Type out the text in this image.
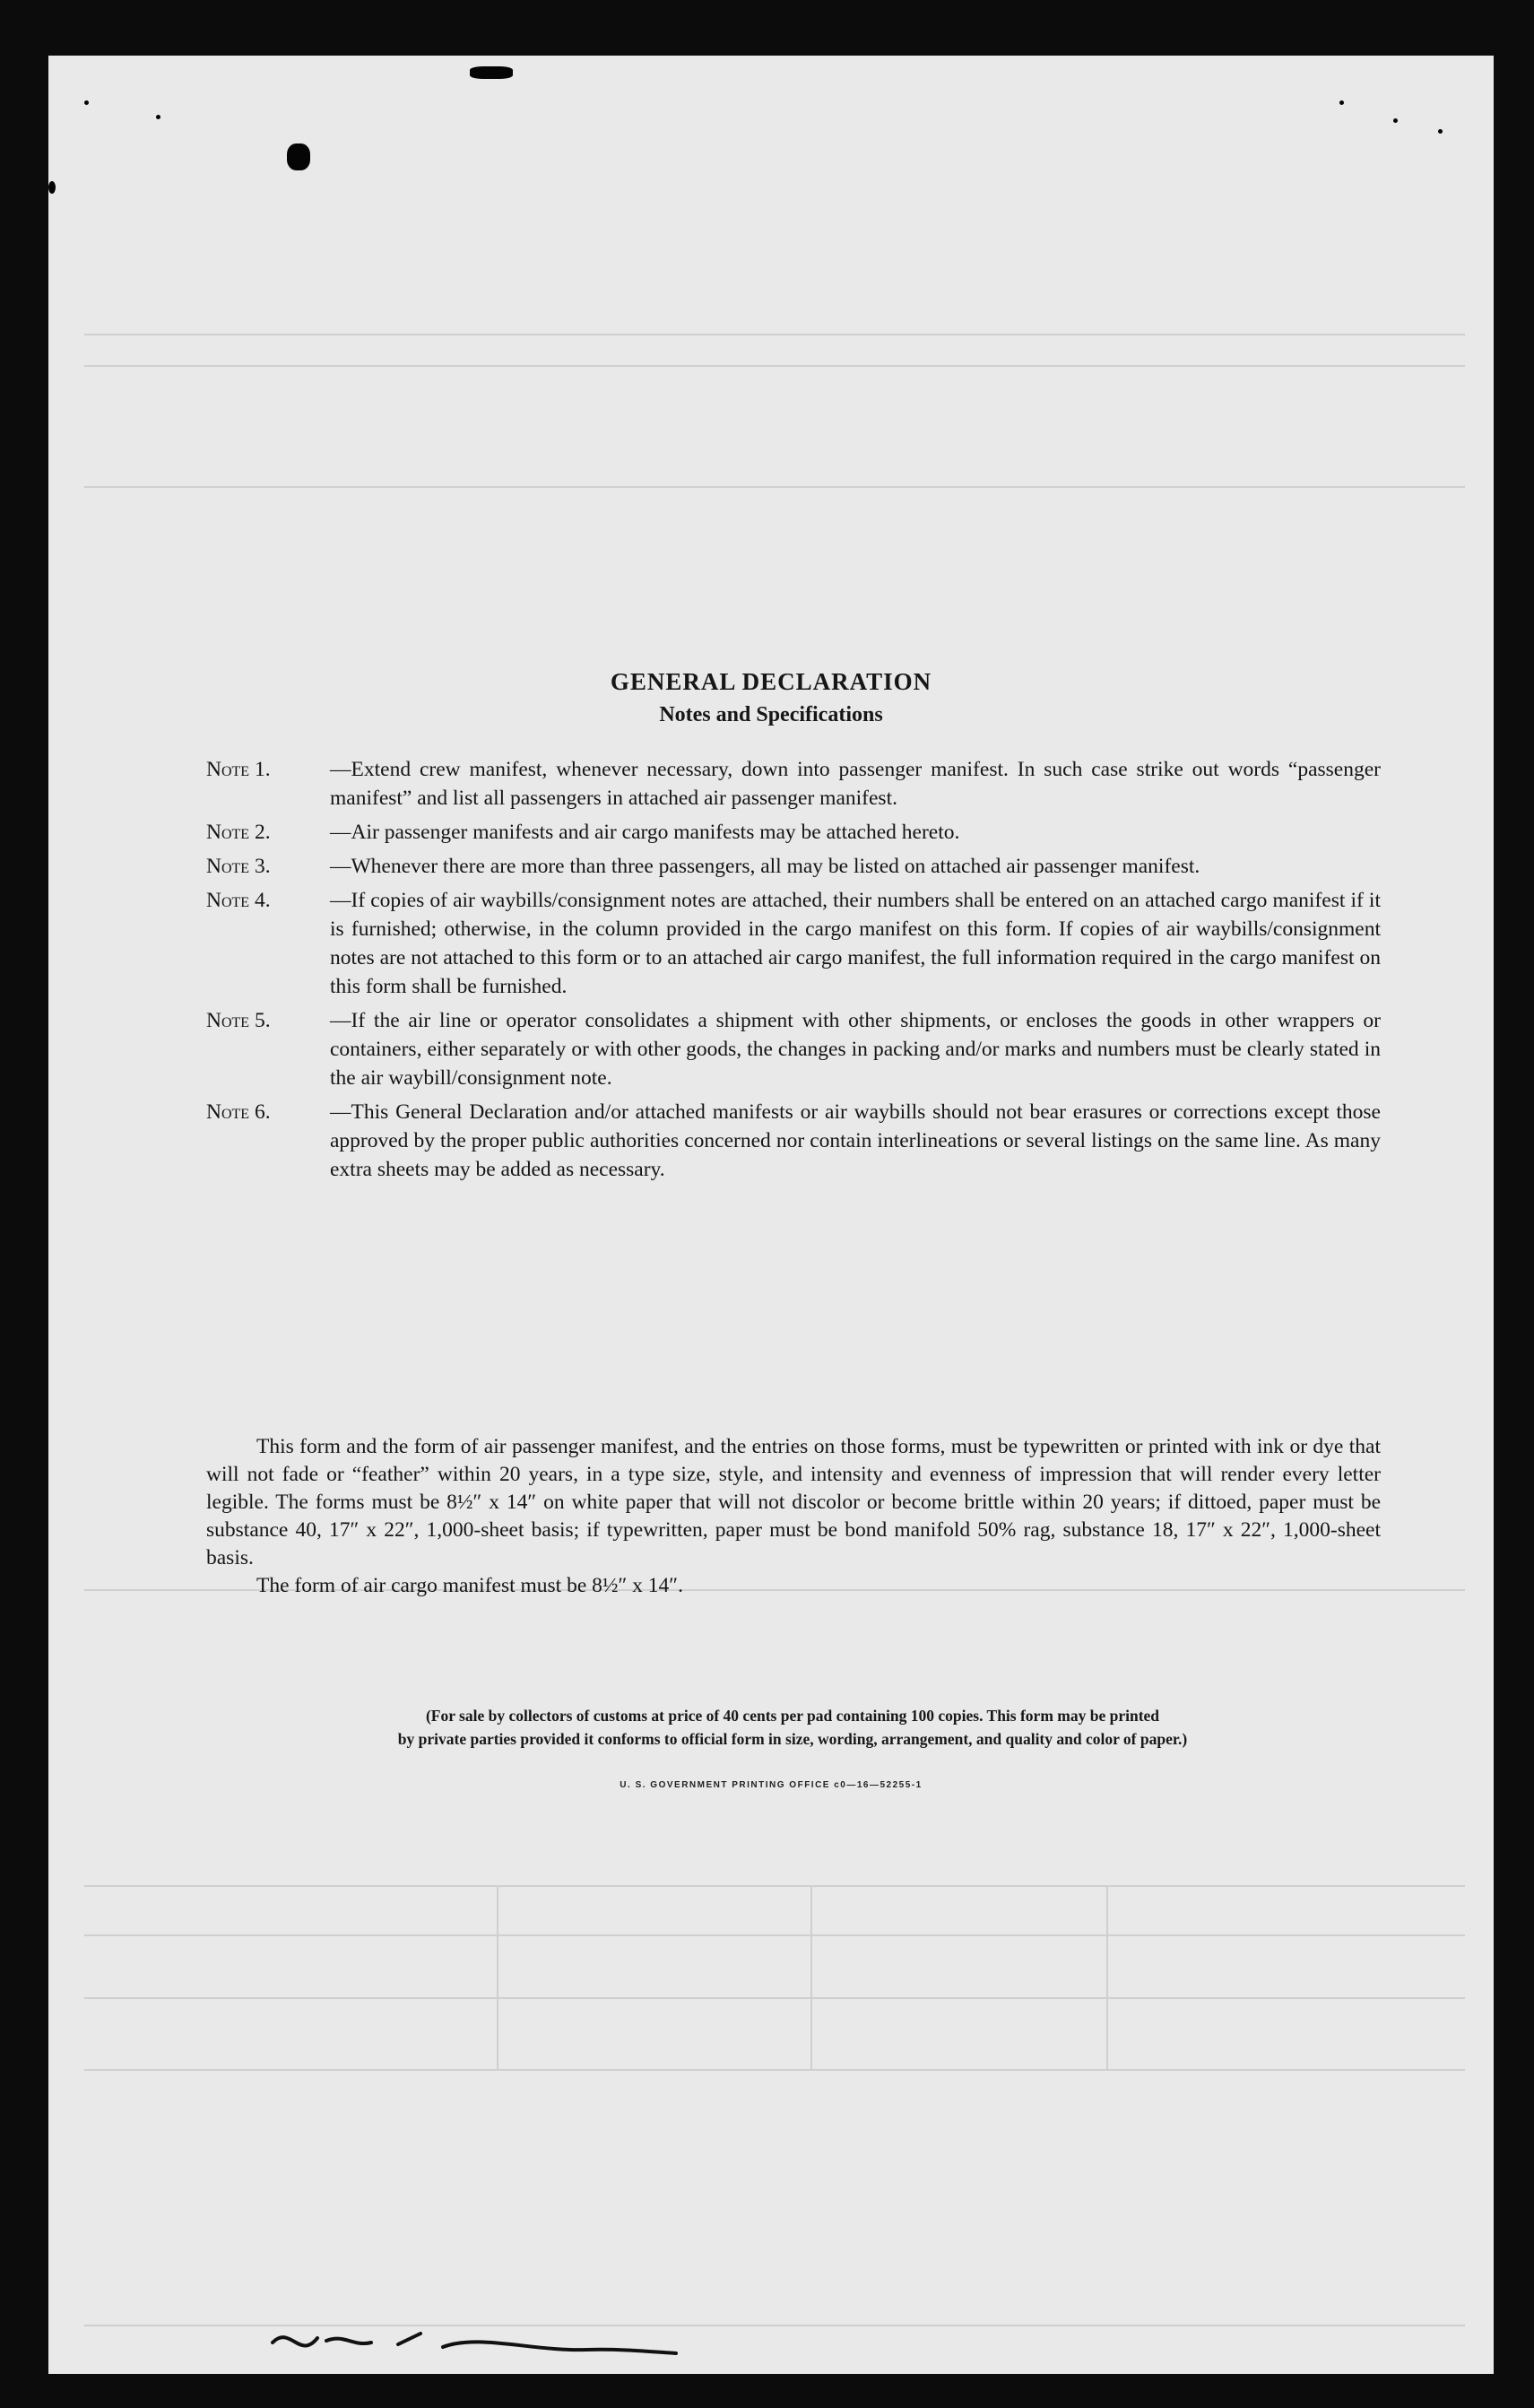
GENERAL DECLARATION
Notes and Specifications
Note 1.	—Extend crew manifest, whenever necessary, down into passenger manifest. In such case strike out words “passenger manifest” and list all passengers in attached air passenger manifest.
Note 2.	—Air passenger manifests and air cargo manifests may be attached hereto.
Note 3.	—Whenever there are more than three passengers, all may be listed on attached air passenger manifest.
Note 4.	—If copies of air waybills/consignment notes are attached, their numbers shall be entered on an attached cargo manifest if it is furnished; otherwise, in the column provided in the cargo manifest on this form. If copies of air waybills/consignment notes are not attached to this form or to an attached air cargo manifest, the full information required in the cargo manifest on this form shall be furnished.
Note 5.	—If the air line or operator consolidates a shipment with other shipments, or encloses the goods in other wrappers or containers, either separately or with other goods, the changes in packing and/or marks and numbers must be clearly stated in the air waybill/consignment note.
Note 6.	—This General Declaration and/or attached manifests or air waybills should not bear erasures or corrections except those approved by the proper public authorities concerned nor contain interlineations or several listings on the same line. As many extra sheets may be added as necessary.

This form and the form of air passenger manifest, and the entries on those forms, must be typewritten or printed with ink or dye that will not fade or “feather” within 20 years, in a type size, style, and intensity and evenness of impression that will render every letter legible. The forms must be 8½″ x 14″ on white paper that will not discolor or become brittle within 20 years; if dittoed, paper must be substance 40, 17″ x 22″, 1,000-sheet basis; if typewritten, paper must be bond manifold 50% rag, substance 18, 17″ x 22″, 1,000-sheet basis.

The form of air cargo manifest must be 8½″ x 14″.

(For sale by collectors of customs at price of 40 cents per pad containing 100 copies. This form may be printed
by private parties provided it conforms to official form in size, wording, arrangement, and quality and color of paper.)
U. S. GOVERNMENT PRINTING OFFICE c0—16—52255-1
